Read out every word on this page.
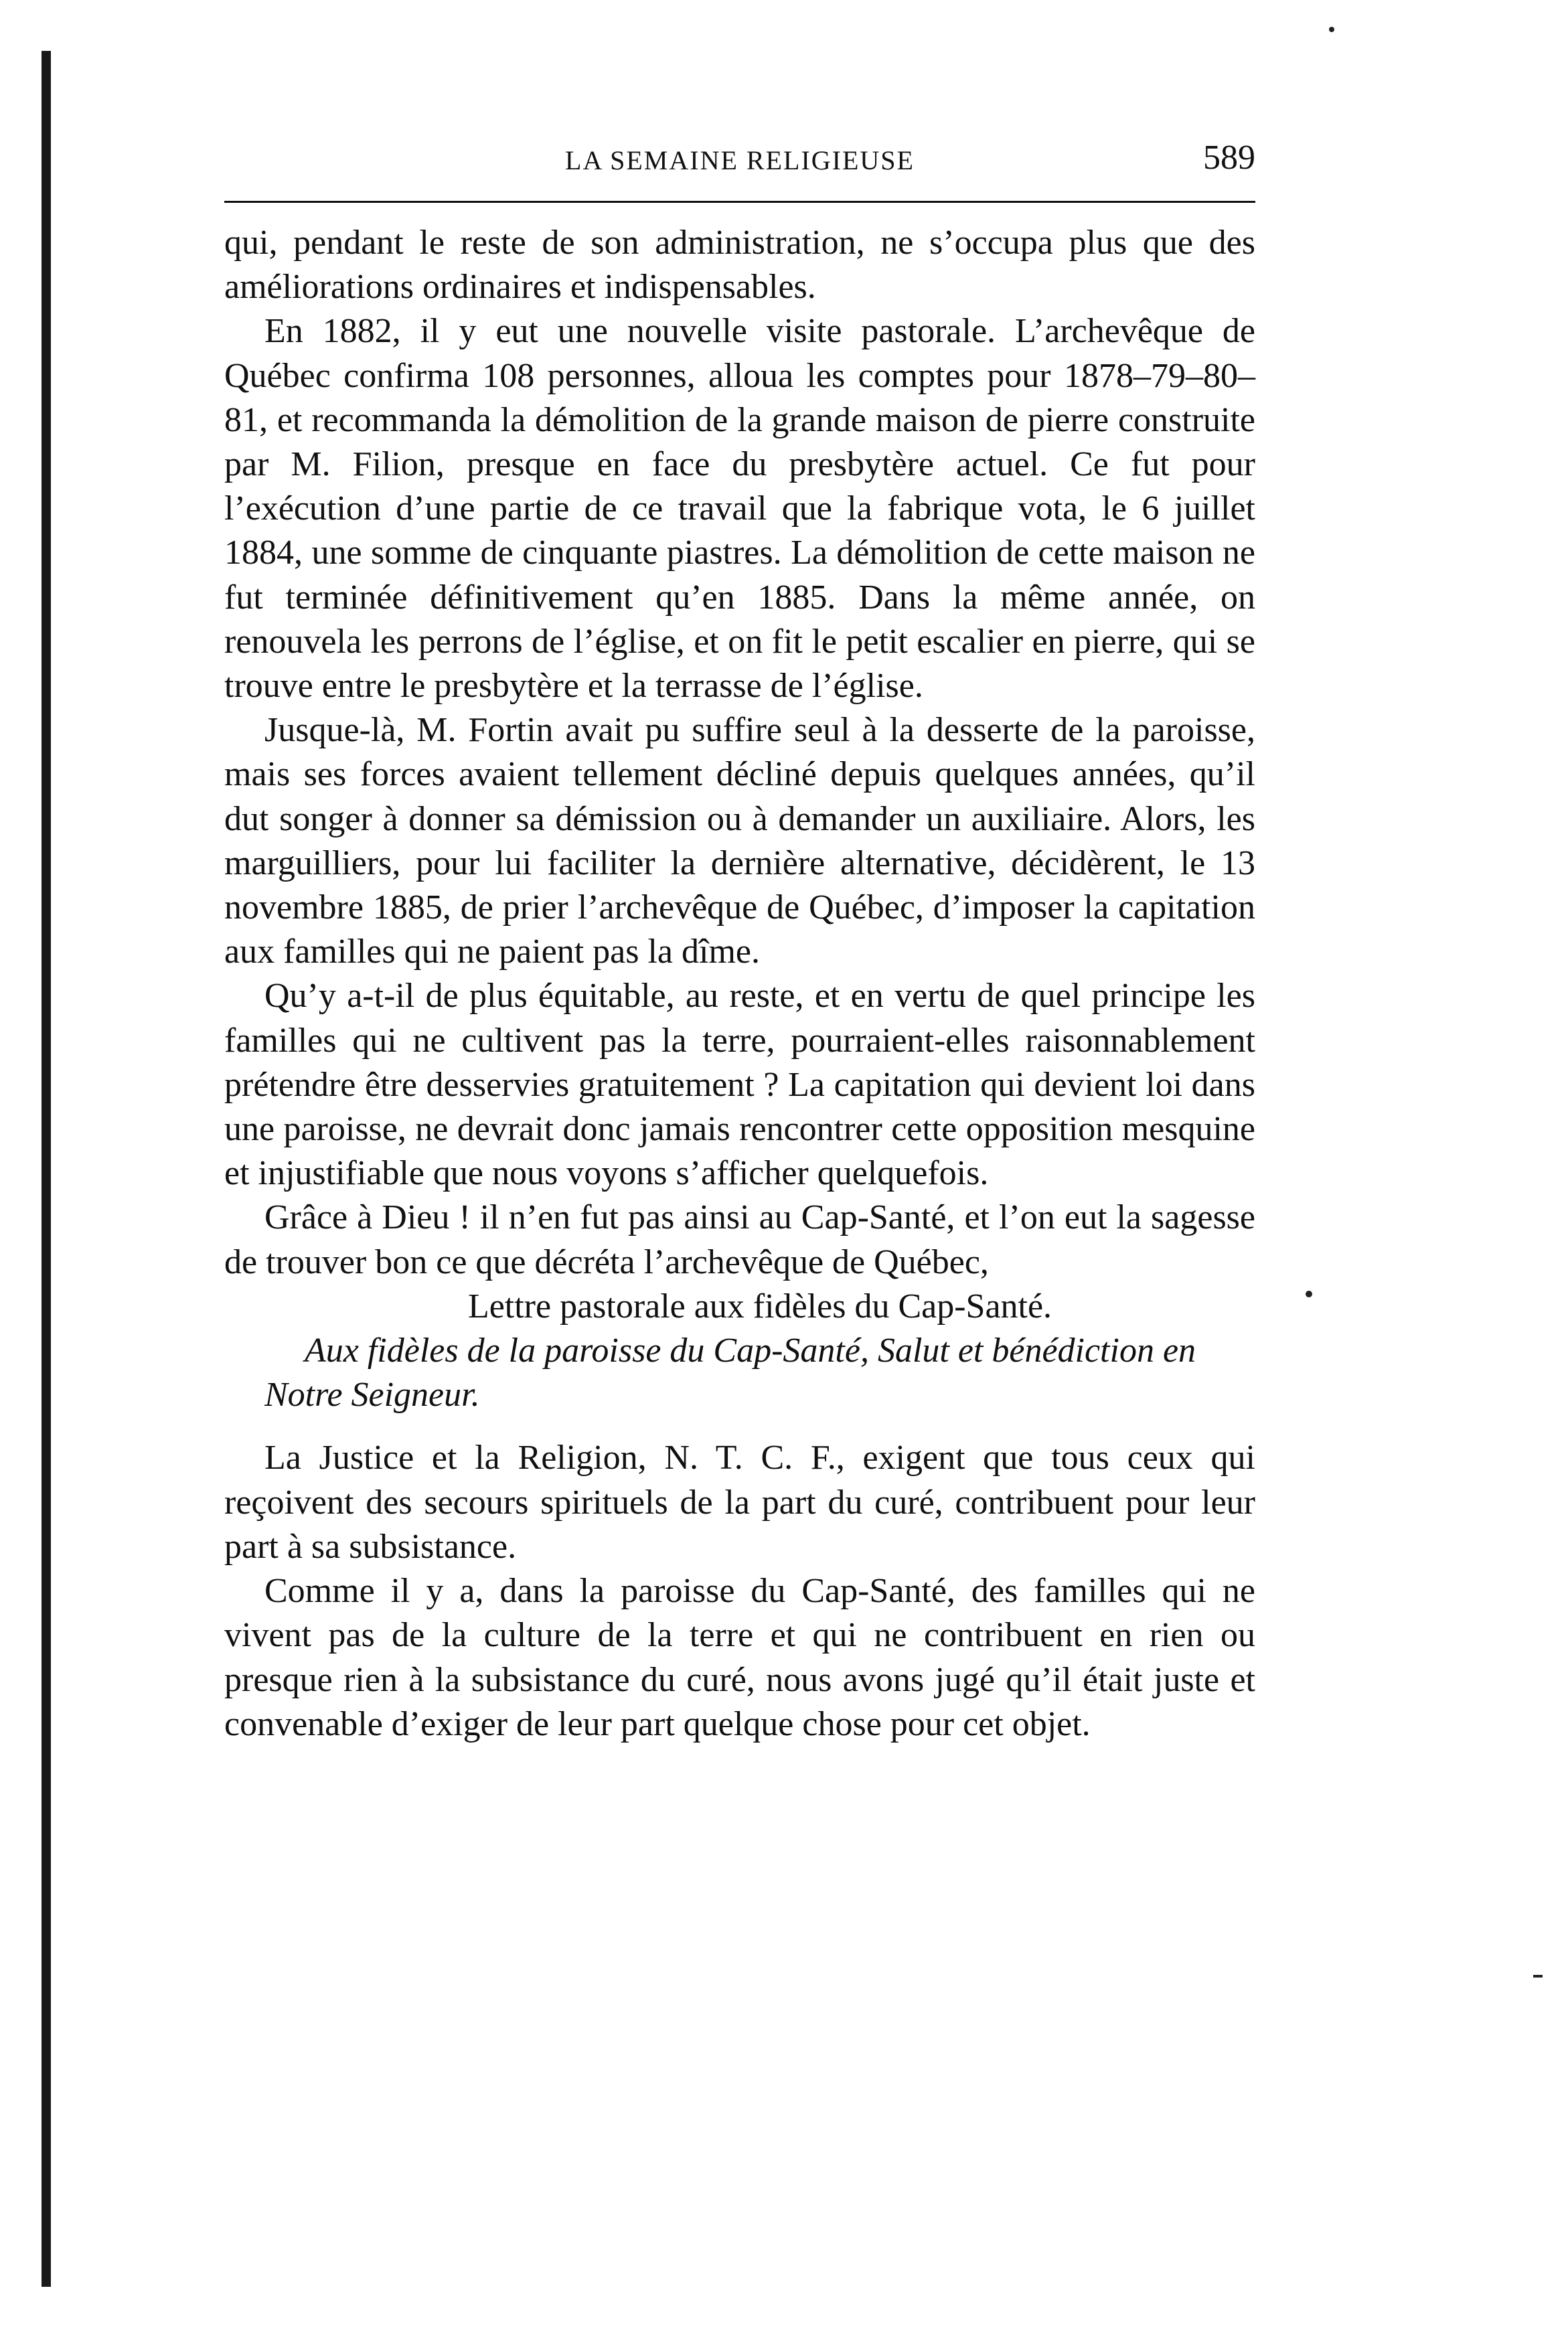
LA SEMAINE RELIGIEUSE	589

qui, pendant le reste de son administration, ne s’occupa plus que des améliorations ordinaires et indispensables.

En 1882, il y eut une nouvelle visite pastorale. L’archevêque de Québec confirma 108 personnes, alloua les comptes pour 1878–79–80–81, et recommanda la démolition de la grande maison de pierre construite par M. Filion, presque en face du presbytère actuel. Ce fut pour l’exécution d’une partie de ce travail que la fabrique vota, le 6 juillet 1884, une somme de cinquante piastres. La démolition de cette maison ne fut terminée définitivement qu’en 1885. Dans la même année, on renouvela les perrons de l’église, et on fit le petit escalier en pierre, qui se trouve entre le presbytère et la terrasse de l’église.

Jusque-là, M. Fortin avait pu suffire seul à la desserte de la paroisse, mais ses forces avaient tellement décliné depuis quelques années, qu’il dut songer à donner sa démission ou à demander un auxiliaire. Alors, les marguilliers, pour lui faciliter la dernière alternative, décidèrent, le 13 novembre 1885, de prier l’archevêque de Québec, d’imposer la capitation aux familles qui ne paient pas la dîme.

Qu’y a-t-il de plus équitable, au reste, et en vertu de quel principe les familles qui ne cultivent pas la terre, pourraient-elles raisonnablement prétendre être desservies gratuitement ? La capitation qui devient loi dans une paroisse, ne devrait donc jamais rencontrer cette opposition mesquine et injustifiable que nous voyons s’afficher quelquefois.

Grâce à Dieu ! il n’en fut pas ainsi au Cap-Santé, et l’on eut la sagesse de trouver bon ce que décréta l’archevêque de Québec,

Lettre pastorale aux fidèles du Cap-Santé.

Aux fidèles de la paroisse du Cap-Santé, Salut et bénédiction en Notre Seigneur.

La Justice et la Religion, N. T. C. F., exigent que tous ceux qui reçoivent des secours spirituels de la part du curé, contribuent pour leur part à sa subsistance.

Comme il y a, dans la paroisse du Cap-Santé, des familles qui ne vivent pas de la culture de la terre et qui ne contribuent en rien ou presque rien à la subsistance du curé, nous avons jugé qu’il était juste et convenable d’exiger de leur part quelque chose pour cet objet.
